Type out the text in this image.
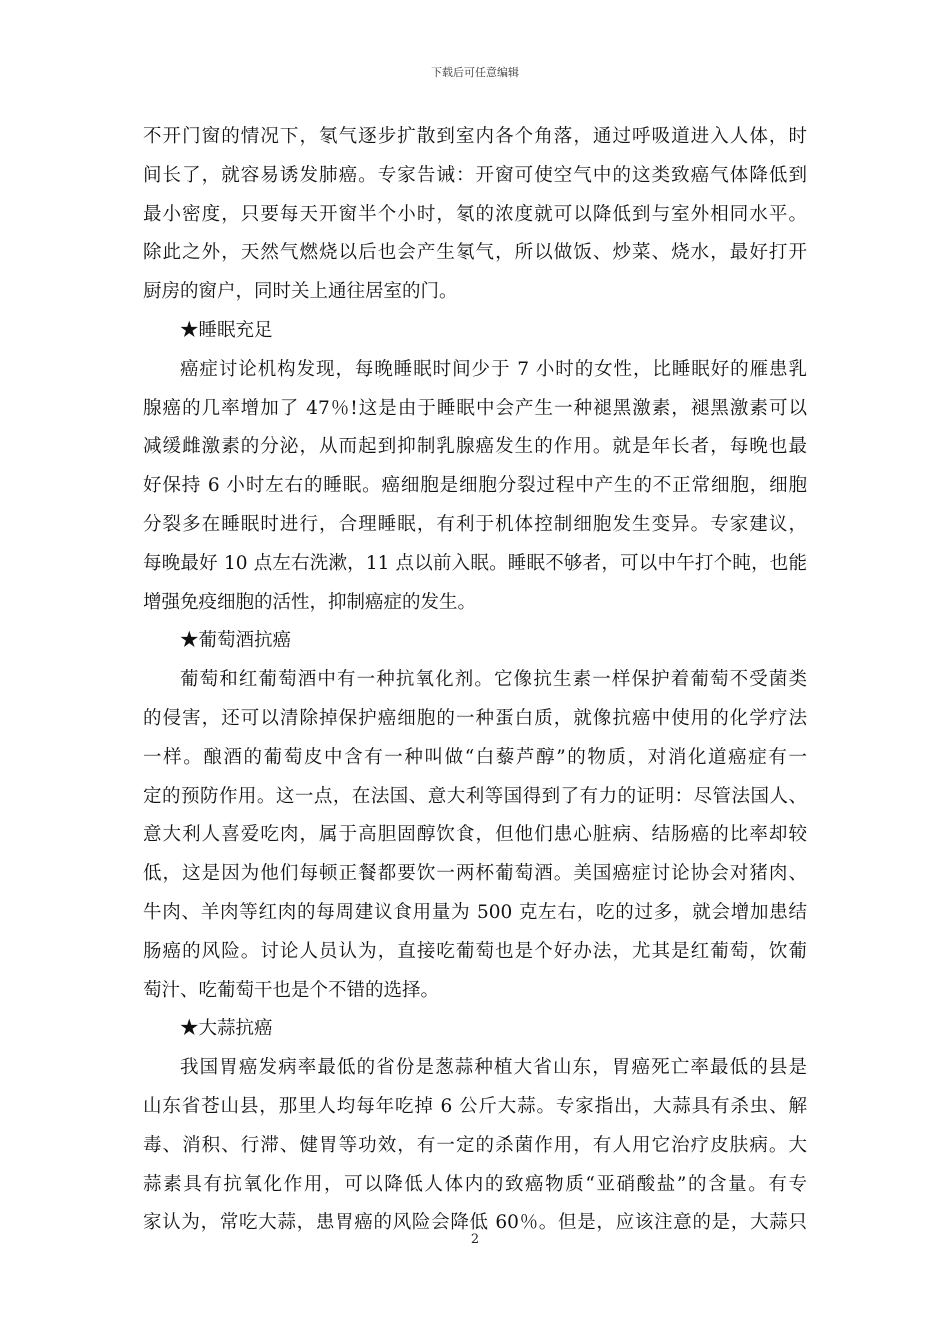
下载后可任意编辑
不开门窗的情况下，氡气逐步扩散到室内各个角落，通过呼吸道进入人体，时
间长了，就容易诱发肺癌。专家告诫：开窗可使空气中的这类致癌气体降低到
最小密度，只要每天开窗半个小时，氡的浓度就可以降低到与室外相同水平。
除此之外，天然气燃烧以后也会产生氡气，所以做饭、炒菜、烧水，最好打开
厨房的窗户，同时关上通往居室的门。
★睡眠充足
癌症讨论机构发现，每晚睡眠时间少于 7 小时的女性，比睡眠好的雁患乳
腺癌的几率增加了 47％!这是由于睡眠中会产生一种褪黑激素，褪黑激素可以
减缓雌激素的分泌，从而起到抑制乳腺癌发生的作用。就是年长者，每晚也最
好保持 6 小时左右的睡眠。癌细胞是细胞分裂过程中产生的不正常细胞，细胞
分裂多在睡眠时进行，合理睡眠，有利于机体控制细胞发生变异。专家建议，
每晚最好 10 点左右洗漱，11 点以前入眠。睡眠不够者，可以中午打个盹，也能
增强免疫细胞的活性，抑制癌症的发生。
★葡萄酒抗癌
葡萄和红葡萄酒中有一种抗氧化剂。它像抗生素一样保护着葡萄不受菌类
的侵害，还可以清除掉保护癌细胞的一种蛋白质，就像抗癌中使用的化学疗法
一样。酿酒的葡萄皮中含有一种叫做“白藜芦醇”的物质，对消化道癌症有一
定的预防作用。这一点，在法国、意大利等国得到了有力的证明：尽管法国人、
意大利人喜爱吃肉，属于高胆固醇饮食，但他们患心脏病、结肠癌的比率却较
低，这是因为他们每顿正餐都要饮一两杯葡萄酒。美国癌症讨论协会对猪肉、
牛肉、羊肉等红肉的每周建议食用量为 500 克左右，吃的过多，就会增加患结
肠癌的风险。讨论人员认为，直接吃葡萄也是个好办法，尤其是红葡萄，饮葡
萄汁、吃葡萄干也是个不错的选择。
★大蒜抗癌
我国胃癌发病率最低的省份是葱蒜种植大省山东，胃癌死亡率最低的县是
山东省苍山县，那里人均每年吃掉 6 公斤大蒜。专家指出，大蒜具有杀虫、解
毒、消积、行滞、健胃等功效，有一定的杀菌作用，有人用它治疗皮肤病。大
蒜素具有抗氧化作用，可以降低人体内的致癌物质“亚硝酸盐”的含量。有专
家认为，常吃大蒜，患胃癌的风险会降低 60％。但是，应该注意的是，大蒜只
2
